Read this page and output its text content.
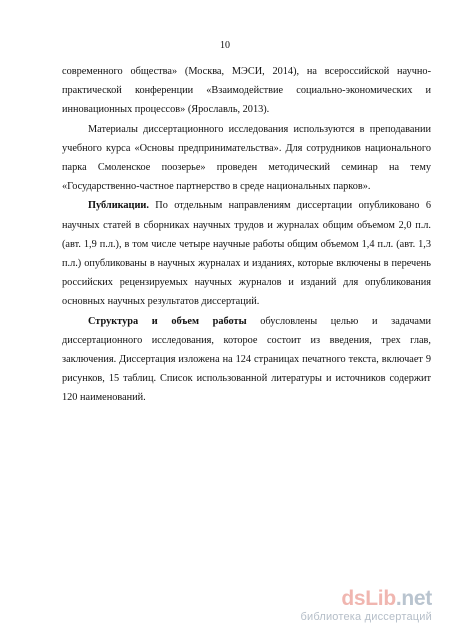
10

современного общества» (Москва, МЭСИ, 2014), на всероссийской научно-практической конференции «Взаимодействие социально-экономических и инновационных процессов» (Ярославль, 2013).

Материалы диссертационного исследования используются в преподавании учебного курса «Основы предпринимательства». Для сотрудников национального парка Смоленское поозерье» проведен методический семинар на тему «Государственно-частное партнерство в среде национальных парков».

Публикации. По отдельным направлениям диссертации опубликовано 6 научных статей в сборниках научных трудов и журналах общим объемом 2,0 п.л. (авт. 1,9 п.л.), в том числе четыре научные работы общим объемом 1,4 п.л. (авт. 1,3 п.л.) опубликованы в научных журналах и изданиях, которые включены в перечень российских рецензируемых научных журналов и изданий для опубликования основных научных результатов диссертаций.

Структура и объем работы обусловлены целью и задачами диссертационного исследования, которое состоит из введения, трех глав, заключения. Диссертация изложена на 124 страницах печатного текста, включает 9 рисунков, 15 таблиц. Список использованной литературы и источников содержит 120 наименований.

dsLib.net
библиотека диссертаций
